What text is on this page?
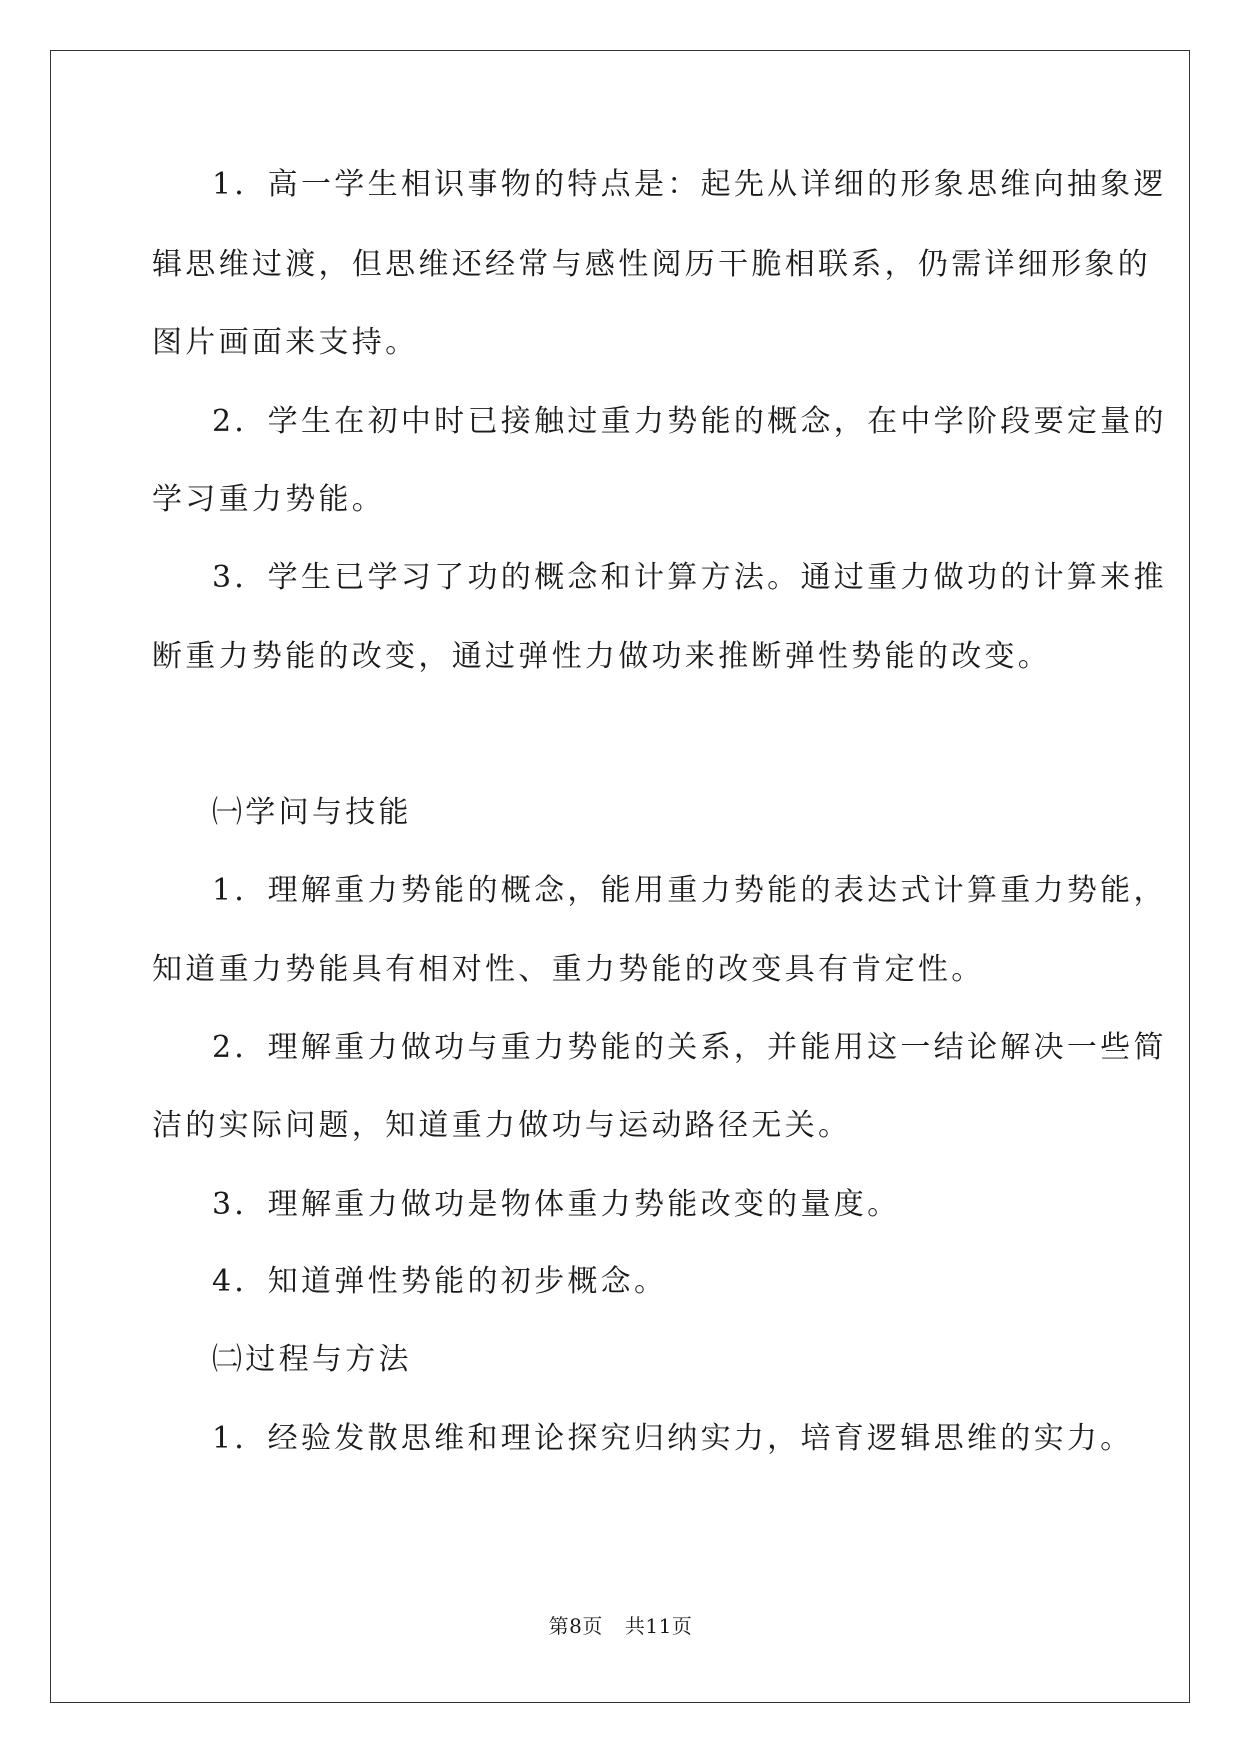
1．高一学生相识事物的特点是：起先从详细的形象思维向抽象逻
辑思维过渡，但思维还经常与感性阅历干脆相联系，仍需详细形象的
图片画面来支持。
2．学生在初中时已接触过重力势能的概念，在中学阶段要定量的
学习重力势能。
3．学生已学习了功的概念和计算方法。通过重力做功的计算来推
断重力势能的改变，通过弹性力做功来推断弹性势能的改变。
㈠学问与技能
1．理解重力势能的概念，能用重力势能的表达式计算重力势能，
知道重力势能具有相对性、重力势能的改变具有肯定性。
2．理解重力做功与重力势能的关系，并能用这一结论解决一些简
洁的实际问题，知道重力做功与运动路径无关。
3．理解重力做功是物体重力势能改变的量度。
4．知道弹性势能的初步概念。
㈡过程与方法
1．经验发散思维和理论探究归纳实力，培育逻辑思维的实力。
第8页 共11页
